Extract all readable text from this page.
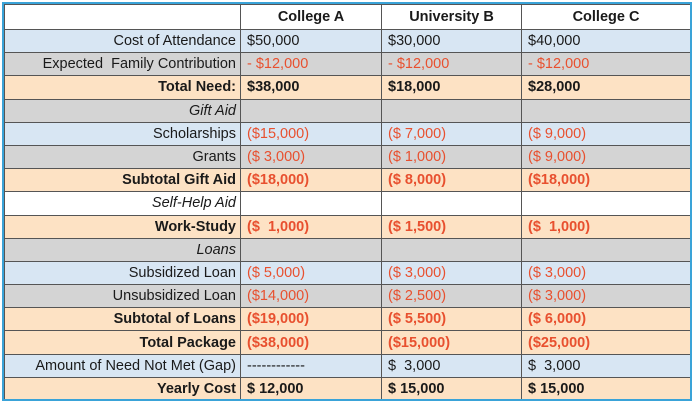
	College A	University B	College C
Cost of Attendance	$50,000	$30,000	$40,000
Expected  Family Contribution	- $12,000	- $12,000	- $12,000
Total Need:	$38,000	$18,000	$28,000
Gift Aid			
Scholarships	($15,000)	($ 7,000)	($ 9,000)
Grants	($ 3,000)	($ 1,000)	($ 9,000)
Subtotal Gift Aid	($18,000)	($ 8,000)	($18,000)
Self-Help Aid			
Work-Study	($  1,000)	($ 1,500)	($  1,000)
Loans			
Subsidized Loan	($ 5,000)	($ 3,000)	($ 3,000)
Unsubsidized Loan	($14,000)	($ 2,500)	($ 3,000)
Subtotal of Loans	($19,000)	($ 5,500)	($ 6,000)
Total Package	($38,000)	($15,000)	($25,000)
Amount of Need Not Met (Gap)	------------	$  3,000	$  3,000
Yearly Cost	$ 12,000	$ 15,000	$ 15,000
